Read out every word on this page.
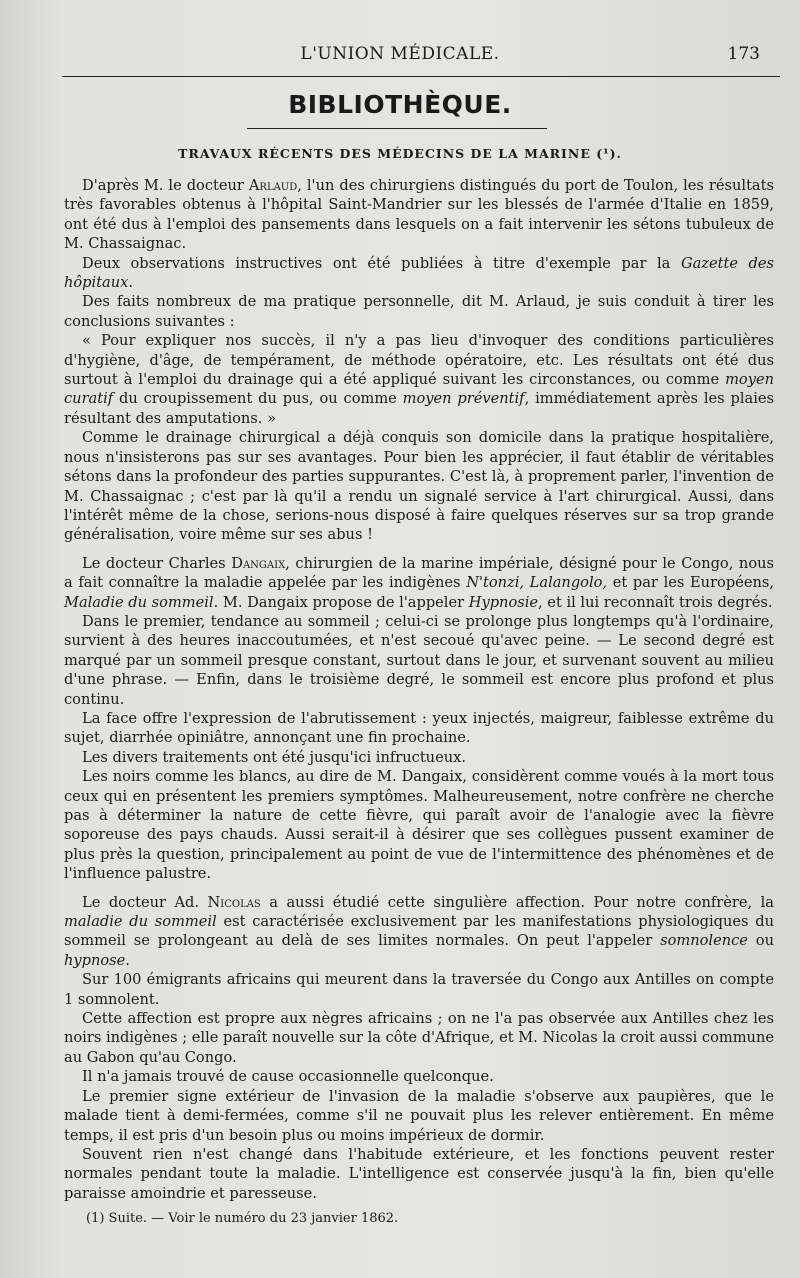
L'UNION MÉDICALE.	173
BIBLIOTHÈQUE.
TRAVAUX RÉCENTS DES MÉDECINS DE LA MARINE (¹).

D'après M. le docteur Arlaud, l'un des chirurgiens distingués du port de Toulon, les résultats très favorables obtenus à l'hôpital Saint-Mandrier sur les blessés de l'armée d'Italie en 1859, ont été dus à l'emploi des pansements dans lesquels on a fait intervenir les sétons tubuleux de M. Chassaignac.

Deux observations instructives ont été publiées à titre d'exemple par la Gazette des hôpitaux.

Des faits nombreux de ma pratique personnelle, dit M. Arlaud, je suis conduit à tirer les conclusions suivantes :

« Pour expliquer nos succès, il n'y a pas lieu d'invoquer des conditions particulières d'hygiène, d'âge, de tempérament, de méthode opératoire, etc. Les résultats ont été dus surtout à l'emploi du drainage qui a été appliqué suivant les circonstances, ou comme moyen curatif du croupissement du pus, ou comme moyen préventif, immédiatement après les plaies résultant des amputations. »

Comme le drainage chirurgical a déjà conquis son domicile dans la pratique hospitalière, nous n'insisterons pas sur ses avantages. Pour bien les apprécier, il faut établir de véritables sétons dans la profondeur des parties suppurantes. C'est là, à proprement parler, l'invention de M. Chassaignac ; c'est par là qu'il a rendu un signalé service à l'art chirurgical. Aussi, dans l'intérêt même de la chose, serions-nous disposé à faire quelques réserves sur sa trop grande généralisation, voire même sur ses abus !

Le docteur Charles Dangaix, chirurgien de la marine impériale, désigné pour le Congo, nous a fait connaître la maladie appelée par les indigènes N'tonzi, Lalangolo, et par les Européens, Maladie du sommeil. M. Dangaix propose de l'appeler Hypnosie, et il lui reconnaît trois degrés.

Dans le premier, tendance au sommeil ; celui-ci se prolonge plus longtemps qu'à l'ordinaire, survient à des heures inaccoutumées, et n'est secoué qu'avec peine. — Le second degré est marqué par un sommeil presque constant, surtout dans le jour, et survenant souvent au milieu d'une phrase. — Enfin, dans le troisième degré, le sommeil est encore plus profond et plus continu.

La face offre l'expression de l'abrutissement : yeux injectés, maigreur, faiblesse extrême du sujet, diarrhée opiniâtre, annonçant une fin prochaine.

Les divers traitements ont été jusqu'ici infructueux.

Les noirs comme les blancs, au dire de M. Dangaix, considèrent comme voués à la mort tous ceux qui en présentent les premiers symptômes. Malheureusement, notre confrère ne cherche pas à déterminer la nature de cette fièvre, qui paraît avoir de l'analogie avec la fièvre soporeuse des pays chauds. Aussi serait-il à désirer que ses collègues pussent examiner de plus près la question, principalement au point de vue de l'intermittence des phénomènes et de l'influence palustre.

Le docteur Ad. Nicolas a aussi étudié cette singulière affection. Pour notre confrère, la maladie du sommeil est caractérisée exclusivement par les manifestations physiologiques du sommeil se prolongeant au delà de ses limites normales. On peut l'appeler somnolence ou hypnose.

Sur 100 émigrants africains qui meurent dans la traversée du Congo aux Antilles on compte 1 somnolent.

Cette affection est propre aux nègres africains ; on ne l'a pas observée aux Antilles chez les noirs indigènes ; elle paraît nouvelle sur la côte d'Afrique, et M. Nicolas la croit aussi commune au Gabon qu'au Congo.

Il n'a jamais trouvé de cause occasionnelle quelconque.

Le premier signe extérieur de l'invasion de la maladie s'observe aux paupières, que le malade tient à demi-fermées, comme s'il ne pouvait plus les relever entièrement. En même temps, il est pris d'un besoin plus ou moins impérieux de dormir.

Souvent rien n'est changé dans l'habitude extérieure, et les fonctions peuvent rester normales pendant toute la maladie. L'intelligence est conservée jusqu'à la fin, bien qu'elle paraisse amoindrie et paresseuse.

(1) Suite. — Voir le numéro du 23 janvier 1862.
